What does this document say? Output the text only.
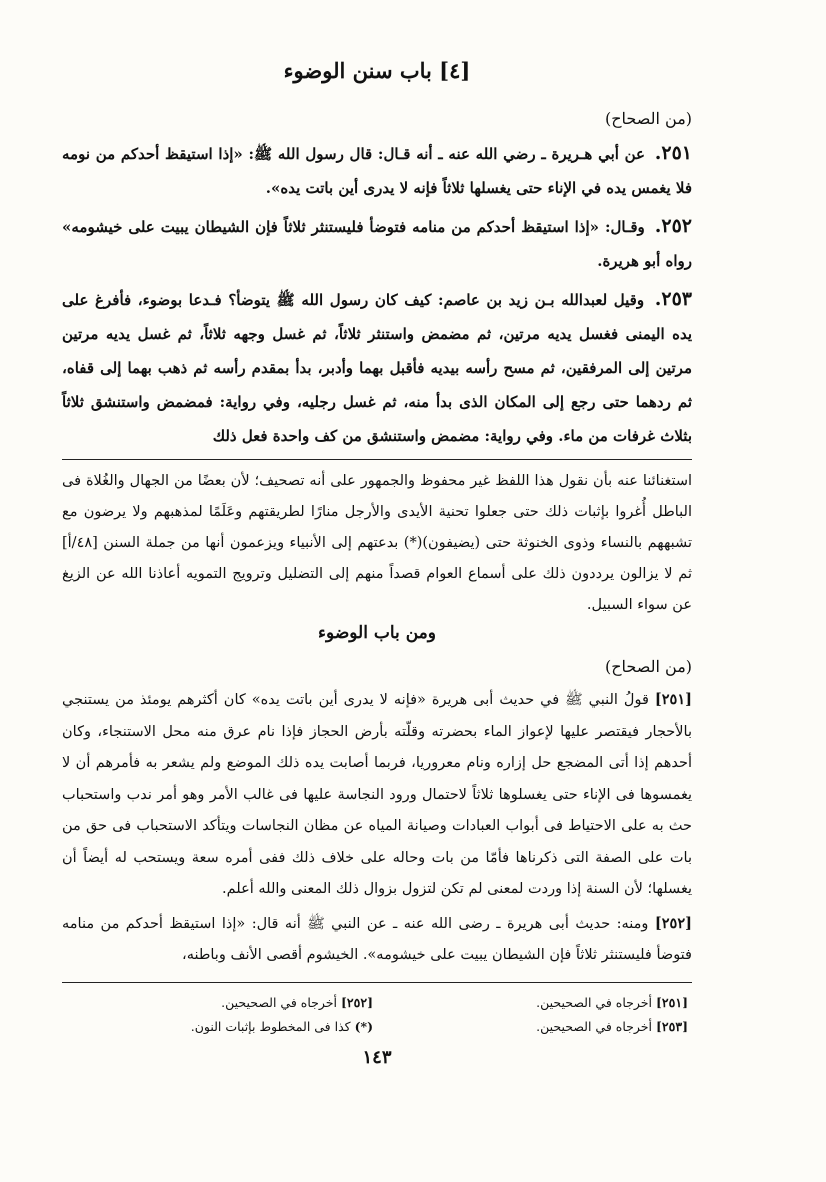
[٤] باب سنن الوضوء
(من الصحاح)

٢٥١. عن أبي هـريرة ـ رضي الله عنه ـ أنه قـال: قال رسول الله ﷺ: «إذا استيقظ أحدكم من نومه فلا يغمس يده في الإناء حتى يغسلها ثلاثاً فإنه لا يدرى أين باتت يده».

٢٥٢. وقـال: «إذا استيقظ أحدكم من منامه فتوضأ فليستنثر ثلاثاً فإن الشيطان يبيت على خيشومه» رواه أبو هريرة.

٢٥٣. وقيل لعبدالله بـن زيد بن عاصم: كيف كان رسول الله ﷺ يتوضأ؟ فـدعا بوضوء، فأفرغ على يده اليمنى فغسل يديه مرتين، ثم مضمض واستنثر ثلاثاً، ثم غسل وجهه ثلاثاً، ثم غسل يديه مرتين مرتين إلى المرفقين، ثم مسح رأسه بيديه فأقبل بهما وأدبر، بدأ بمقدم رأسه ثم ذهب بهما إلى قفاه، ثم ردهما حتى رجع إلى المكان الذى بدأ منه، ثم غسل رجليه، وفي رواية: فمضمض واستنشق ثلاثاً بثلاث غرفات من ماء. وفي رواية: مضمض واستنشق من كف واحدة فعل ذلك

استغنائنا عنه بأن نقول هذا اللفظ غير محفوظ والجمهور على أنه تصحيف؛ لأن بعضًا من الجهال والغُلاة فى الباطل أُغروا بإثبات ذلك حتى جعلوا تحنية الأيدى والأرجل منارًا لطريقتهم وعَلَمًا لمذهبهم ولا يرضون مع تشبههم بالنساء وذوى الخنوثة حتى (يضيفون)(*) بدعتهم إلى الأنبياء ويزعمون أنها من جملة السنن [٤٨/أ] ثم لا يزالون يرددون ذلك على أسماع العوام قصداً منهم إلى التضليل وترويج التمويه أعاذنا الله عن الزيغ عن سواء السبيل.

ومن باب الوضوء
(من الصحاح)

[٢٥١] قولُ النبي ﷺ في حديث أبى هريرة «فإنه لا يدرى أين باتت يده» كان أكثرهم يومئذ من يستنجي بالأحجار فيقتصر عليها لإعواز الماء بحضرته وقلّته بأرض الحجاز فإذا نام عرق منه محل الاستنجاء، وكان أحدهم إذا أتى المضجع حل إزاره ونام معروريا، فربما أصابت يده ذلك الموضع ولم يشعر به فأمرهم أن لا يغمسوها فى الإناء حتى يغسلوها ثلاثاً لاحتمال ورود النجاسة عليها فى غالب الأمر وهو أمر ندب واستحباب حث به على الاحتياط فى أبواب العبادات وصيانة المياه عن مظان النجاسات ويتأكد الاستحباب فى حق من بات على الصفة التى ذكرناها فأمّا من بات وحاله على خلاف ذلك ففى أمره سعة ويستحب له أيضاً أن يغسلها؛ لأن السنة إذا وردت لمعنى لم تكن لتزول بزوال ذلك المعنى والله أعلم.

[٢٥٢] ومنه: حديث أبى هريرة ـ رضى الله عنه ـ عن النبي ﷺ أنه قال: «إذا استيقظ أحدكم من منامه فتوضأ فليستنثر ثلاثاً فإن الشيطان يبيت على خيشومه». الخيشوم أقصى الأنف وباطنه،

[٢٥١]أخرجاه في الصحيحين.
[٢٥٢]أخرجاه في الصحيحين.
[٢٥٣]أخرجاه في الصحيحين.
(*)كذا فى المخطوط بإثبات النون.
١٤٣
